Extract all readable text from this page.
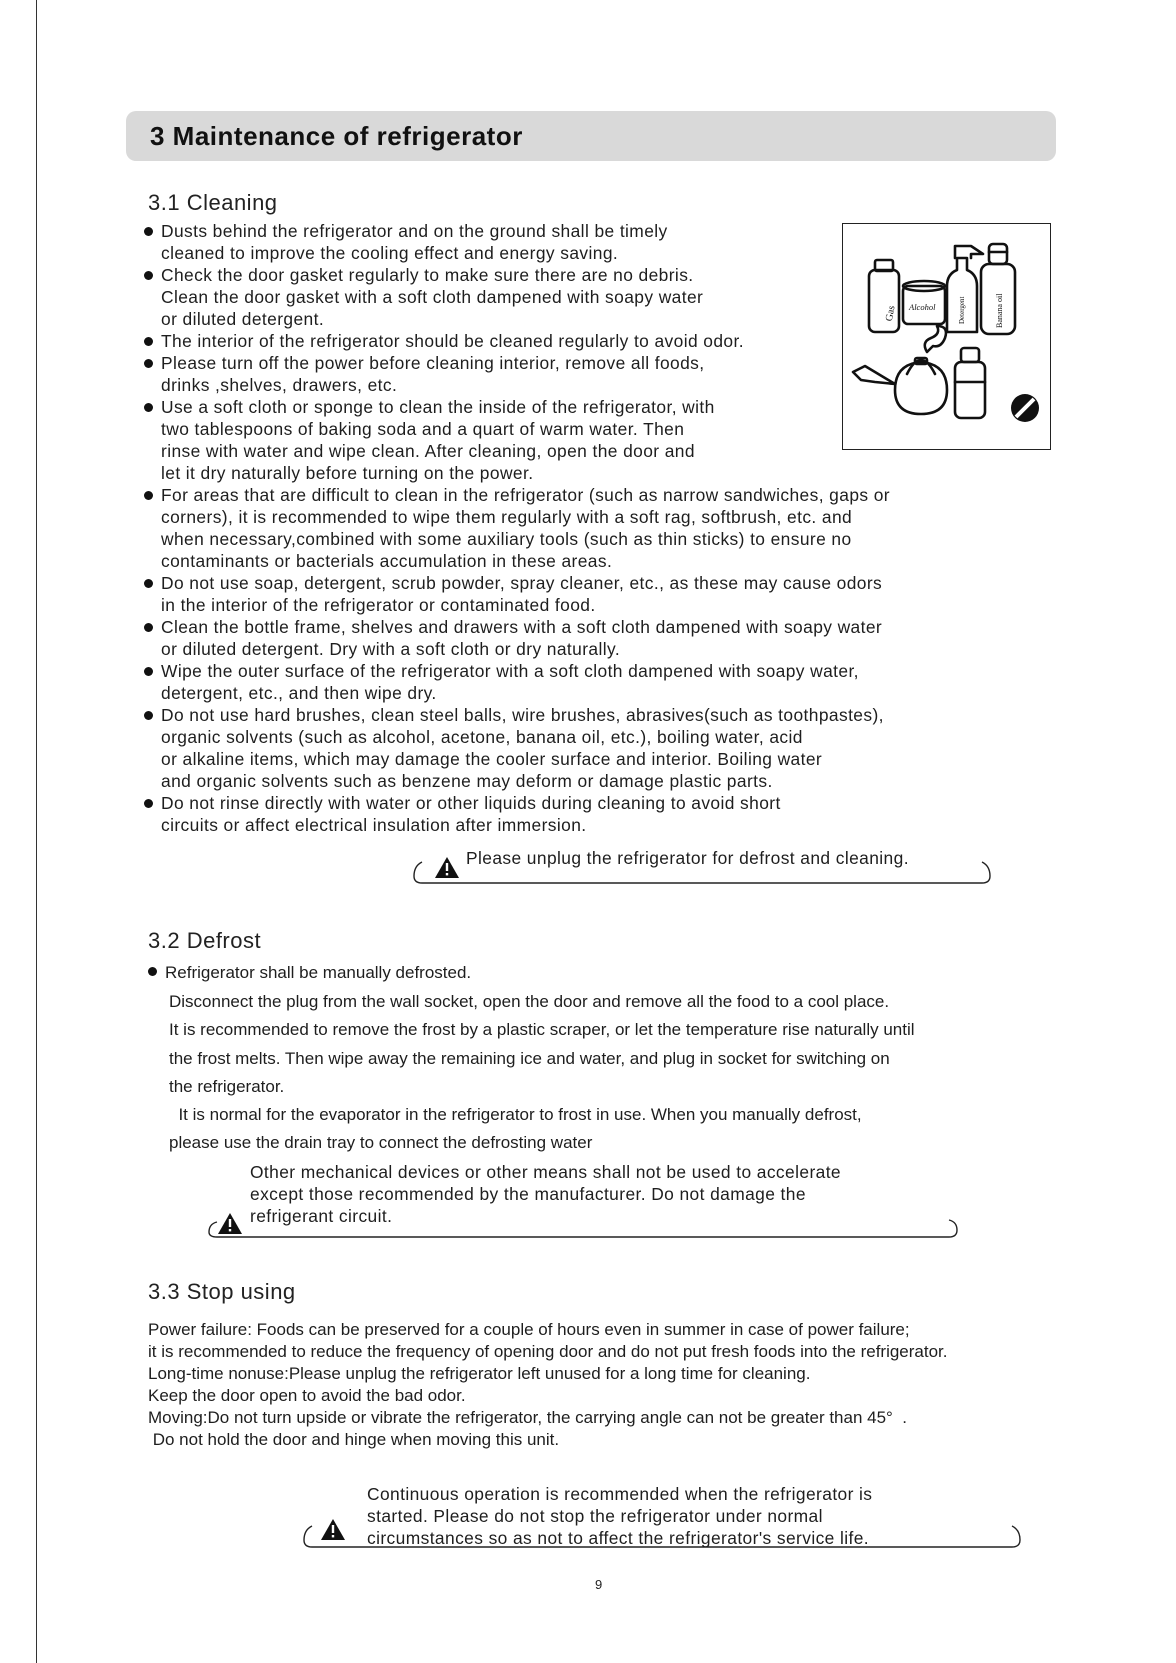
3 Maintenance of refrigerator
3.1 Cleaning
Dusts behind the refrigerator and on the ground shall be timely
cleaned to improve the cooling effect and energy saving.
Check the door gasket regularly to make sure there are no debris.
Clean the door gasket with a soft cloth dampened with soapy water
or diluted detergent.
The interior of the refrigerator should be cleaned regularly to avoid odor.
Please turn off the power before cleaning interior, remove all foods,
drinks ,shelves, drawers, etc.
Use a soft cloth or sponge to clean the inside of the refrigerator, with
two tablespoons of baking soda and a quart of warm water. Then
rinse with water and wipe clean. After cleaning, open the door and
let it dry naturally before turning on the power.
For areas that are difficult to clean in the refrigerator (such as narrow sandwiches, gaps or
corners), it is recommended to wipe them regularly with a soft rag, softbrush, etc. and
when necessary,combined with some auxiliary tools (such as thin sticks) to ensure no
contaminants or bacterials accumulation in these areas.
Do not use soap, detergent, scrub powder, spray cleaner, etc., as these may cause odors
in the interior of the refrigerator or contaminated food.
Clean the bottle frame, shelves and drawers with a soft cloth dampened with soapy water
or diluted detergent. Dry with a soft cloth or dry naturally.
Wipe the outer surface of the refrigerator with a soft cloth dampened with soapy water,
detergent, etc., and then wipe dry.
Do not use hard brushes, clean steel balls, wire brushes, abrasives(such as toothpastes),
organic solvents (such as alcohol, acetone, banana oil, etc.), boiling water, acid
or alkaline items, which may damage the cooler surface and interior. Boiling water
and organic solvents such as benzene may deform or damage plastic parts.
Do not rinse directly with water or other liquids during cleaning to avoid short
circuits or affect electrical insulation after immersion.
Gas Alcohol	Detergent	Banana oil
Please unplug the refrigerator for defrost and cleaning.
3.2 Defrost
Refrigerator shall be manually defrosted.
Disconnect the plug from the wall socket, open the door and remove all the food to a cool place.
It is recommended to remove the frost by a plastic scraper, or let the temperature rise naturally until
the frost melts. Then wipe away the remaining ice and water, and plug in socket for switching on
the refrigerator.
It is normal for the evaporator in the refrigerator to frost in use. When you manually defrost,
please use the drain tray to connect the defrosting water
Other mechanical devices or other means shall not be used to accelerate
except those recommended by the manufacturer. Do not damage the
refrigerant circuit.
3.3 Stop using
Power failure: Foods can be preserved for a couple of hours even in summer in case of power failure;
it is recommended to reduce the frequency of opening door and do not put fresh foods into the refrigerator.
Long-time nonuse:Please unplug the refrigerator left unused for a long time for cleaning.
Keep the door open to avoid the bad odor.
Moving:Do not turn upside or vibrate the refrigerator, the carrying angle can not be greater than 45°  .
Do not hold the door and hinge when moving this unit.
Continuous operation is recommended when the refrigerator is
started. Please do not stop the refrigerator under normal
circumstances so as not to affect the refrigerator's service life.
9
